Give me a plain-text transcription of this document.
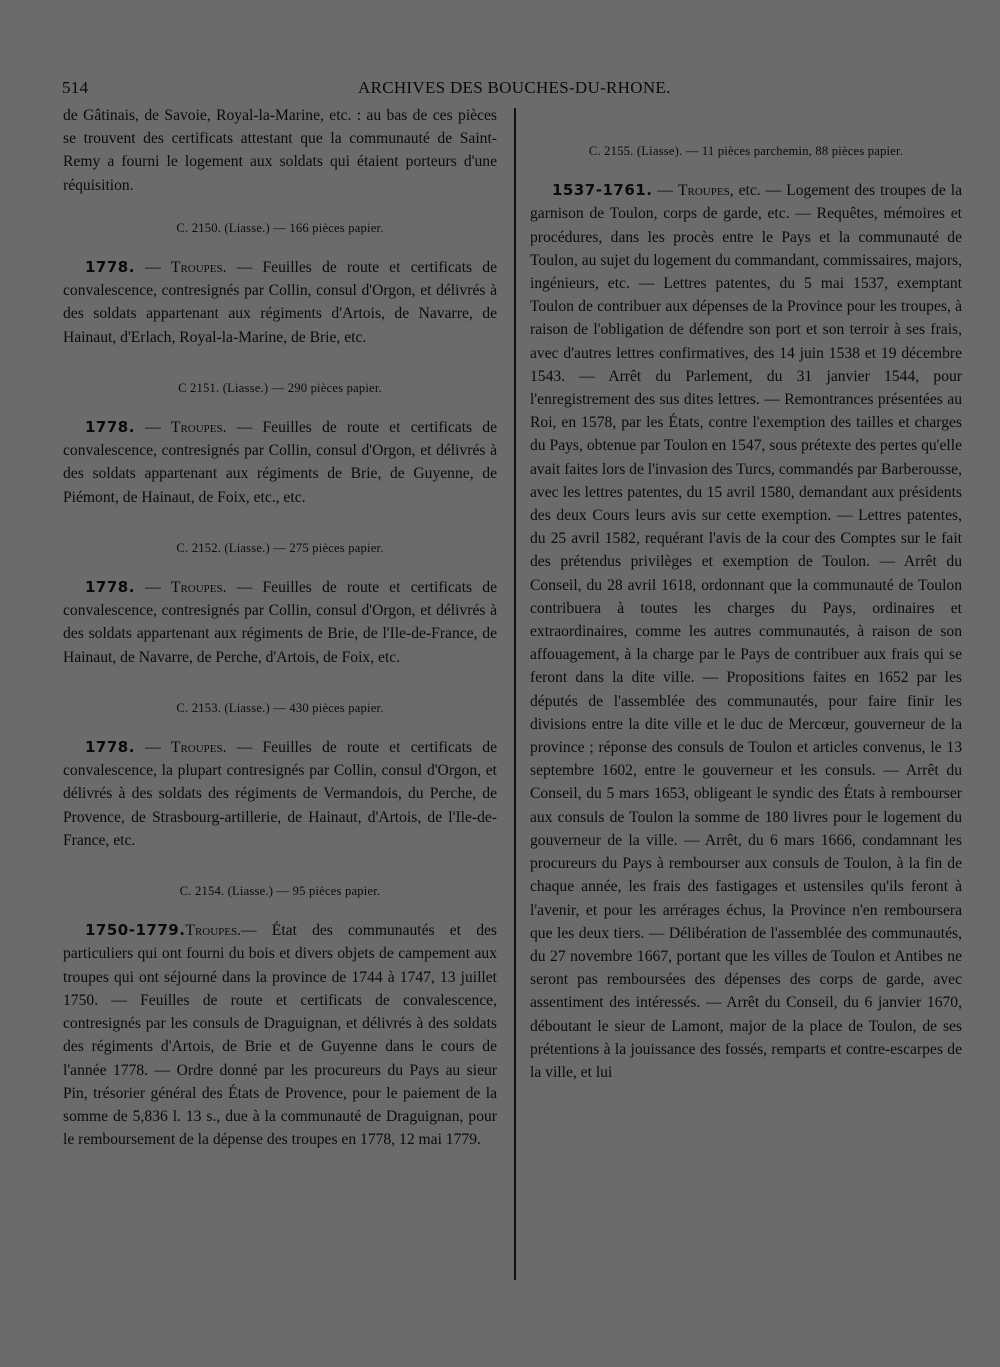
514	ARCHIVES DES BOUCHES-DU-RHONE.

de Gâtinais, de Savoie, Royal-la-Marine, etc. : au bas de ces pièces se trouvent des certificats attestant que la communauté de Saint-Remy a fourni le logement aux soldats qui étaient porteurs d'une réquisition.

C. 2150. (Liasse.) — 166 pièces papier.

1778. — Troupes. — Feuilles de route et certificats de convalescence, contresignés par Collin, consul d'Orgon, et délivrés à des soldats appartenant aux régiments d'Artois, de Navarre, de Hainaut, d'Erlach, Royal-la-Marine, de Brie, etc.

C 2151. (Liasse.) — 290 pièces papier.

1778. — Troupes. — Feuilles de route et certificats de convalescence, contresignés par Collin, consul d'Orgon, et délivrés à des soldats appartenant aux régiments de Brie, de Guyenne, de Piémont, de Hainaut, de Foix, etc., etc.

C. 2152. (Liasse.) — 275 pièces papier.

1778. — Troupes. — Feuilles de route et certificats de convalescence, contresignés par Collin, consul d'Orgon, et délivrés à des soldats appartenant aux régiments de Brie, de l'Ile-de-France, de Hainaut, de Navarre, de Perche, d'Artois, de Foix, etc.

C. 2153. (Liasse.) — 430 pièces papier.

1778. — Troupes. — Feuilles de route et certificats de convalescence, la plupart contresignés par Collin, consul d'Orgon, et délivrés à des soldats des régiments de Vermandois, du Perche, de Provence, de Strasbourg-artillerie, de Hainaut, d'Artois, de l'Ile-de-France, etc.

C. 2154. (Liasse.) — 95 pièces papier.

1750-1779.Troupes.— État des communautés et des particuliers qui ont fourni du bois et divers objets de campement aux troupes qui ont séjourné dans la province de 1744 à 1747, 13 juillet 1750. — Feuilles de route et certificats de convalescence, contresignés par les consuls de Draguignan, et délivrés à des soldats des régiments d'Artois, de Brie et de Guyenne dans le cours de l'année 1778. — Ordre donné par les procureurs du Pays au sieur Pin, trésorier général des États de Provence, pour le paiement de la somme de 5,836 l. 13 s., due à la communauté de Draguignan, pour le remboursement de la dépense des troupes en 1778, 12 mai 1779.

C. 2155. (Liasse). — 11 pièces parchemin, 88 pièces papier.

1537-1761. — Troupes, etc. — Logement des troupes de la garnison de Toulon, corps de garde, etc. — Requêtes, mémoires et procédures, dans les procès entre le Pays et la communauté de Toulon, au sujet du logement du commandant, commissaires, majors, ingénieurs, etc. — Lettres patentes, du 5 mai 1537, exemptant Toulon de contribuer aux dépenses de la Province pour les troupes, à raison de l'obligation de défendre son port et son terroir à ses frais, avec d'autres lettres confirmatives, des 14 juin 1538 et 19 décembre 1543. — Arrêt du Parlement, du 31 janvier 1544, pour l'enregistrement des sus dites lettres. — Remontrances présentées au Roi, en 1578, par les États, contre l'exemption des tailles et charges du Pays, obtenue par Toulon en 1547, sous prétexte des pertes qu'elle avait faites lors de l'invasion des Turcs, commandés par Barberousse, avec les lettres patentes, du 15 avril 1580, demandant aux présidents des deux Cours leurs avis sur cette exemption. — Lettres patentes, du 25 avril 1582, requérant l'avis de la cour des Comptes sur le fait des prétendus privilèges et exemption de Toulon. — Arrêt du Conseil, du 28 avril 1618, ordonnant que la communauté de Toulon contribuera à toutes les charges du Pays, ordinaires et extraordinaires, comme les autres communautés, à raison de son affouagement, à la charge par le Pays de contribuer aux frais qui se feront dans la dite ville. — Propositions faites en 1652 par les députés de l'assemblée des communautés, pour faire finir les divisions entre la dite ville et le duc de Mercœur, gouverneur de la province ; réponse des consuls de Toulon et articles convenus, le 13 septembre 1602, entre le gouverneur et les consuls. — Arrêt du Conseil, du 5 mars 1653, obligeant le syndic des États à rembourser aux consuls de Toulon la somme de 180 livres pour le logement du gouverneur de la ville. — Arrêt, du 6 mars 1666, condamnant les procureurs du Pays à rembourser aux consuls de Toulon, à la fin de chaque année, les frais des fastigages et ustensiles qu'ils feront à l'avenir, et pour les arrérages échus, la Province n'en remboursera que les deux tiers. — Délibération de l'assemblée des communautés, du 27 novembre 1667, portant que les villes de Toulon et Antibes ne seront pas remboursées des dépenses des corps de garde, avec assentiment des intéressés. — Arrêt du Conseil, du 6 janvier 1670, déboutant le sieur de Lamont, major de la place de Toulon, de ses prétentions à la jouissance des fossés, remparts et contre-escarpes de la ville, et lui
